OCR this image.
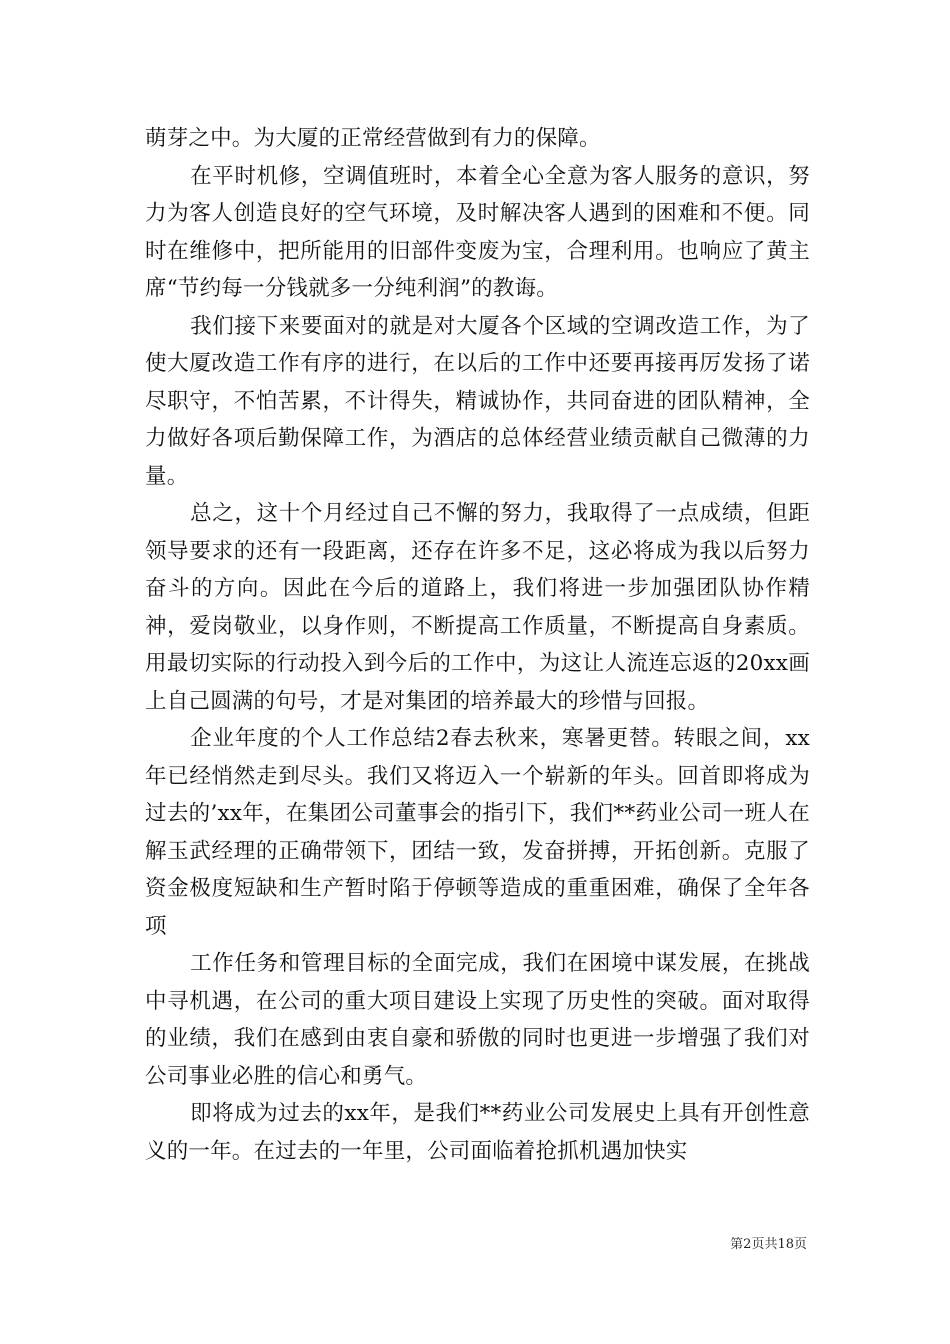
萌芽之中。为大厦的正常经营做到有力的保障。

在平时机修，空调值班时，本着全心全意为客人服务的意识，努力为客人创造良好的空气环境，及时解决客人遇到的困难和不便。同时在维修中，把所能用的旧部件变废为宝，合理利用。也响应了黄主席“节约每一分钱就多一分纯利润”的教诲。

我们接下来要面对的就是对大厦各个区域的空调改造工作，为了使大厦改造工作有序的进行，在以后的工作中还要再接再厉发扬了诺尽职守，不怕苦累，不计得失，精诚协作，共同奋进的团队精神，全力做好各项后勤保障工作，为酒店的总体经营业绩贡献自己微薄的力量。

总之，这十个月经过自己不懈的努力，我取得了一点成绩，但距领导要求的还有一段距离，还存在许多不足，这必将成为我以后努力奋斗的方向。因此在今后的道路上，我们将进一步加强团队协作精神，爱岗敬业，以身作则，不断提高工作质量，不断提高自身素质。用最切实际的行动投入到今后的工作中，为这让人流连忘返的20xx画上自己圆满的句号，才是对集团的培养最大的珍惜与回报。

企业年度的个人工作总结2春去秋来，寒暑更替。转眼之间，xx年已经悄然走到尽头。我们又将迈入一个崭新的年头。回首即将成为过去的’xx年，在集团公司董事会的指引下，我们**药业公司一班人在解玉武经理的正确带领下，团结一致，发奋拼搏，开拓创新。克服了资金极度短缺和生产暂时陷于停顿等造成的重重困难，确保了全年各项

工作任务和管理目标的全面完成，我们在困境中谋发展，在挑战中寻机遇，在公司的重大项目建设上实现了历史性的突破。面对取得的业绩，我们在感到由衷自豪和骄傲的同时也更进一步增强了我们对公司事业必胜的信心和勇气。

即将成为过去的xx年，是我们**药业公司发展史上具有开创性意义的一年。在过去的一年里，公司面临着抢抓机遇加快实

第2页共18页
